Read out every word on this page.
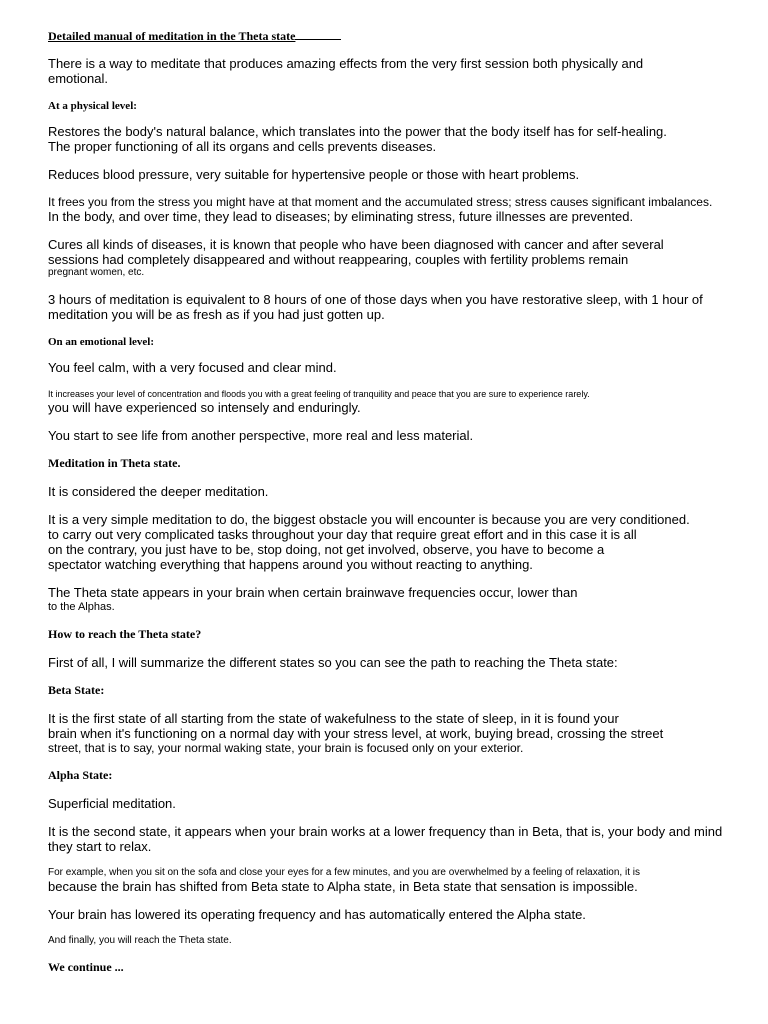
Detailed manual of meditation in the Theta state
There is a way to meditate that produces amazing effects from the very first session both physically and
emotional.
At a physical level:
Restores the body's natural balance, which translates into the power that the body itself has for self-healing.
The proper functioning of all its organs and cells prevents diseases.
Reduces blood pressure, very suitable for hypertensive people or those with heart problems.
It frees you from the stress you might have at that moment and the accumulated stress; stress causes significant imbalances.
In the body, and over time, they lead to diseases; by eliminating stress, future illnesses are prevented.
Cures all kinds of diseases, it is known that people who have been diagnosed with cancer and after several
sessions had completely disappeared and without reappearing, couples with fertility problems remain
pregnant women, etc.
3 hours of meditation is equivalent to 8 hours of one of those days when you have restorative sleep, with 1 hour of
meditation you will be as fresh as if you had just gotten up.
On an emotional level:
You feel calm, with a very focused and clear mind.
It increases your level of concentration and floods you with a great feeling of tranquility and peace that you are sure to experience rarely.
you will have experienced so intensely and enduringly.
You start to see life from another perspective, more real and less material.
Meditation in Theta state.
It is considered the deeper meditation.
It is a very simple meditation to do, the biggest obstacle you will encounter is because you are very conditioned.
to carry out very complicated tasks throughout your day that require great effort and in this case it is all
on the contrary, you just have to be, stop doing, not get involved, observe, you have to become a
spectator watching everything that happens around you without reacting to anything.
The Theta state appears in your brain when certain brainwave frequencies occur, lower than
to the Alphas.
How to reach the Theta state?
First of all, I will summarize the different states so you can see the path to reaching the Theta state:
Beta State:
It is the first state of all starting from the state of wakefulness to the state of sleep, in it is found your
brain when it's functioning on a normal day with your stress level, at work, buying bread, crossing the street
street, that is to say, your normal waking state, your brain is focused only on your exterior.
Alpha State:
Superficial meditation.
It is the second state, it appears when your brain works at a lower frequency than in Beta, that is, your body and mind
they start to relax.
For example, when you sit on the sofa and close your eyes for a few minutes, and you are overwhelmed by a feeling of relaxation, it is
because the brain has shifted from Beta state to Alpha state, in Beta state that sensation is impossible.
Your brain has lowered its operating frequency and has automatically entered the Alpha state.
And finally, you will reach the Theta state.
We continue ...
